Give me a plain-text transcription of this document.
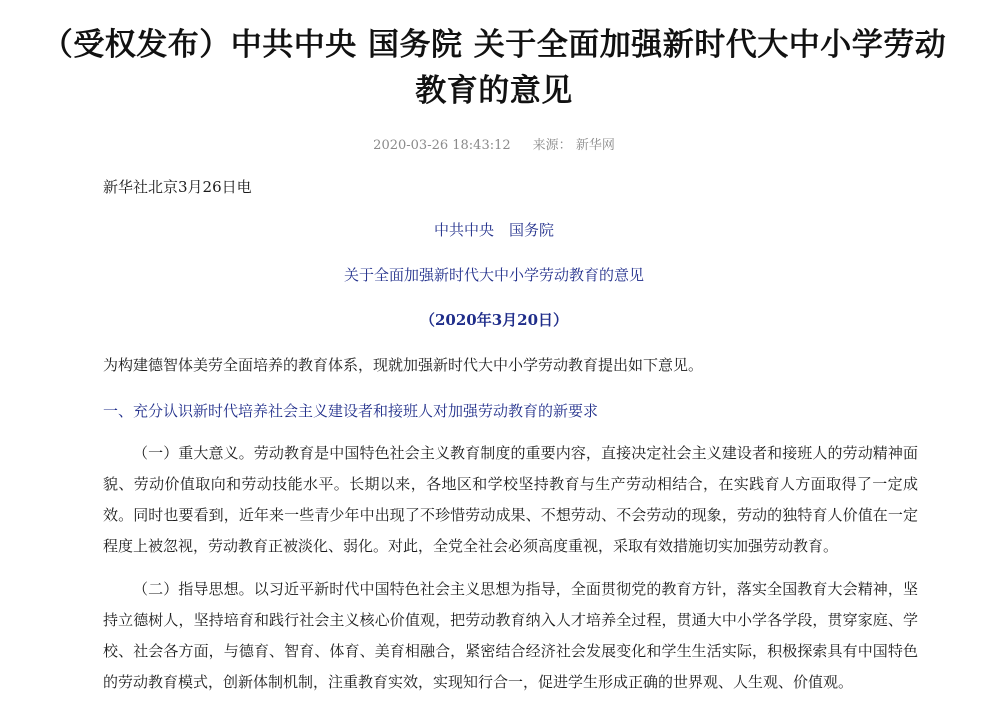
（受权发布）中共中央 国务院 关于全面加强新时代大中小学劳动教育的意见
2020-03-26 18:43:12 来源： 新华网
新华社北京3月26日电
中共中央　国务院
关于全面加强新时代大中小学劳动教育的意见
（2020年3月20日）
为构建德智体美劳全面培养的教育体系，现就加强新时代大中小学劳动教育提出如下意见。
一、充分认识新时代培养社会主义建设者和接班人对加强劳动教育的新要求
（一）重大意义。劳动教育是中国特色社会主义教育制度的重要内容，直接决定社会主义建设者和接班人的劳动精神面貌、劳动价值取向和劳动技能水平。长期以来，各地区和学校坚持教育与生产劳动相结合，在实践育人方面取得了一定成效。同时也要看到，近年来一些青少年中出现了不珍惜劳动成果、不想劳动、不会劳动的现象，劳动的独特育人价值在一定程度上被忽视，劳动教育正被淡化、弱化。对此，全党全社会必须高度重视，采取有效措施切实加强劳动教育。
（二）指导思想。以习近平新时代中国特色社会主义思想为指导，全面贯彻党的教育方针，落实全国教育大会精神，坚持立德树人，坚持培育和践行社会主义核心价值观，把劳动教育纳入人才培养全过程，贯通大中小学各学段，贯穿家庭、学校、社会各方面，与德育、智育、体育、美育相融合，紧密结合经济社会发展变化和学生生活实际，积极探索具有中国特色的劳动教育模式，创新体制机制，注重教育实效，实现知行合一，促进学生形成正确的世界观、人生观、价值观。
